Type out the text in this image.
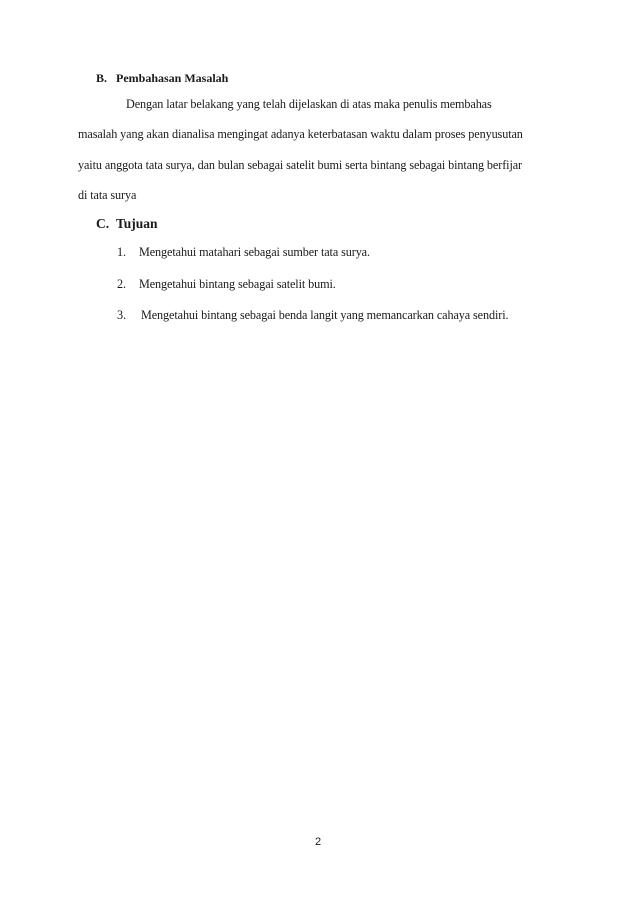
B. Pembahasan Masalah
Dengan latar belakang yang telah dijelaskan di atas maka penulis membahas
masalah yang akan dianalisa mengingat adanya keterbatasan waktu dalam proses penyusutan
yaitu anggota tata surya, dan bulan sebagai satelit bumi serta bintang sebagai bintang berfijar
di tata surya
C. Tujuan
1. Mengetahui matahari sebagai sumber tata surya.
2. Mengetahui bintang sebagai satelit bumi.
3. Mengetahui bintang sebagai benda langit yang memancarkan cahaya sendiri.
2
